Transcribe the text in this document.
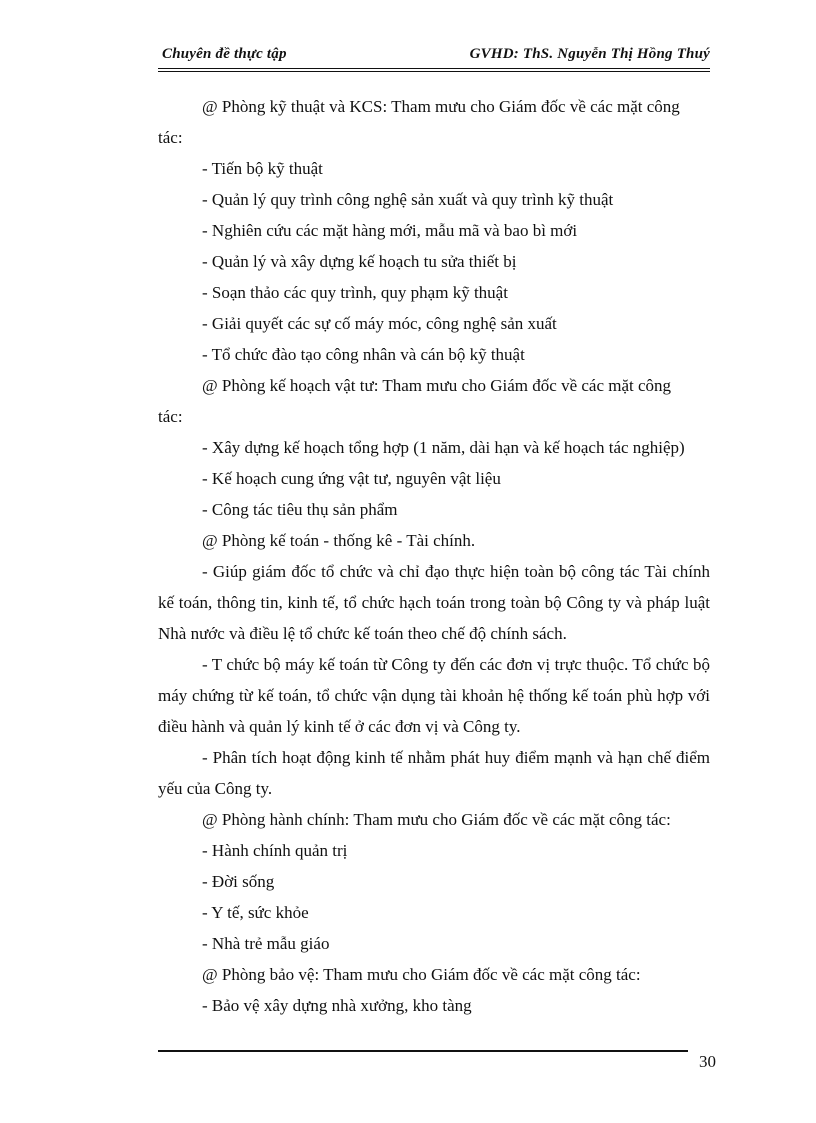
Chuyên đề thực tập	GVHD: ThS. Nguyễn Thị Hồng Thuý

@ Phòng kỹ thuật và KCS: Tham mưu cho Giám đốc về các mặt công

tác:

- Tiến bộ kỹ thuật

- Quản lý quy trình công nghệ sản xuất và quy trình kỹ thuật

- Nghiên cứu các mặt hàng mới, mẫu mã và bao bì mới

- Quản lý và xây dựng kế hoạch tu sửa thiết bị

- Soạn thảo các quy trình, quy phạm kỹ thuật

- Giải quyết các sự cố máy móc, công nghệ sản xuất

- Tổ chức đào tạo công nhân và cán bộ kỹ thuật

@ Phòng kế hoạch vật tư: Tham mưu cho Giám đốc về các mặt công

tác:

- Xây dựng kế hoạch tổng hợp (1 năm, dài hạn và kế hoạch tác nghiệp)

- Kế hoạch cung ứng vật tư, nguyên vật liệu

- Công tác tiêu thụ sản phẩm

@ Phòng kế toán - thống kê - Tài chính.

- Giúp giám đốc tổ chức và chỉ đạo thực hiện toàn bộ công tác Tài chính kế toán, thông tin, kinh tế, tổ chức hạch toán trong toàn bộ Công ty và pháp luật Nhà nước và điều lệ tổ chức kế toán theo chế độ chính sách.

- T chức bộ máy kế toán từ Công ty đến các đơn vị trực thuộc. Tổ chức bộ máy chứng từ kế toán, tổ chức vận dụng tài khoản hệ thống kế toán phù hợp với điều hành và quản lý kinh tế ở các đơn vị và Công ty.

- Phân tích hoạt động kinh tế nhằm phát huy điểm mạnh và hạn chế điểm yếu của Công ty.

@ Phòng hành chính: Tham mưu cho Giám đốc về các mặt công tác:

- Hành chính quản trị

- Đời sống

- Y tế, sức khỏe

- Nhà trẻ mẫu giáo

@ Phòng bảo vệ: Tham mưu cho Giám đốc về các mặt công tác:

- Bảo vệ xây dựng nhà xưởng, kho tàng

30
